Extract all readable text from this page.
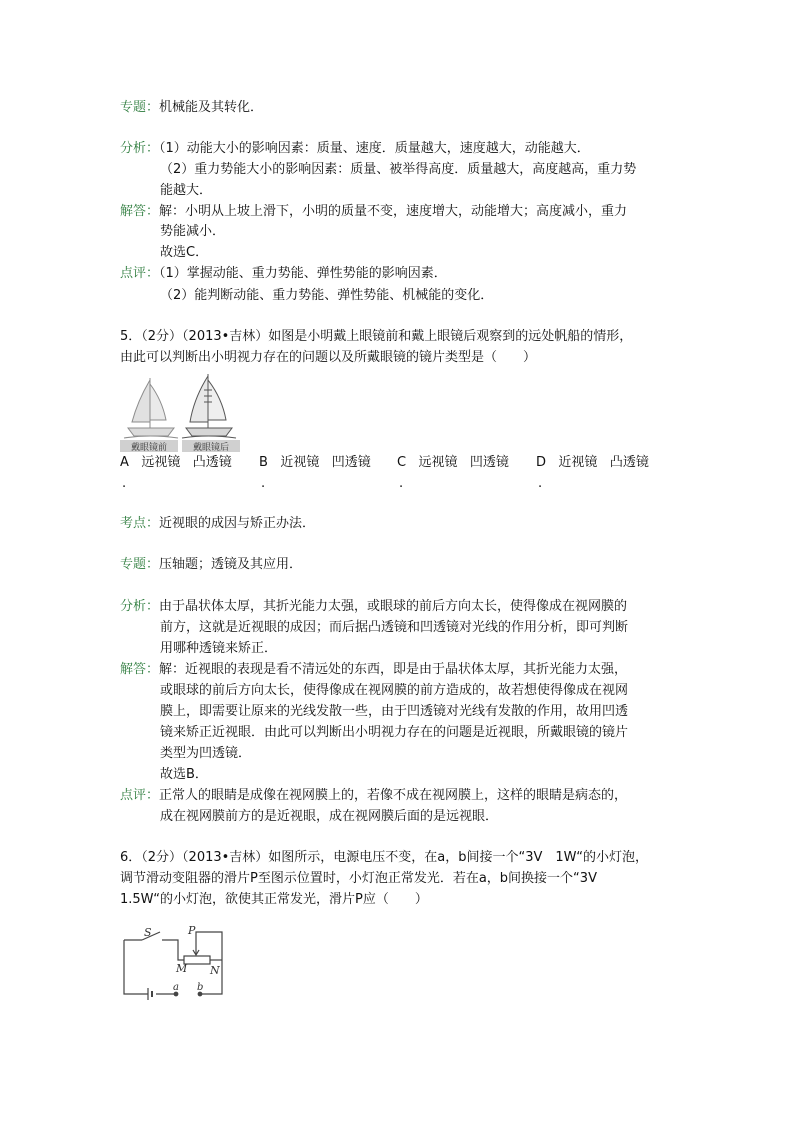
专题：机械能及其转化．
分析：（1）动能大小的影响因素：质量、速度．质量越大，速度越大，动能越大．
（2）重力势能大小的影响因素：质量、被举得高度．质量越大，高度越高，重力势
能越大．
解答：解：小明从上坡上滑下，小明的质量不变，速度增大，动能增大；高度减小，重力
势能减小．
故选C．
点评：（1）掌握动能、重力势能、弹性势能的影响因素．
（2）能判断动能、重力势能、弹性势能、机械能的变化．
5．（2分）（2013•吉林）如图是小明戴上眼镜前和戴上眼镜后观察到的远处帆船的情形，
由此可以判断出小明视力存在的问题以及所戴眼镜的镜片类型是（　　）
戴眼镜前	戴眼镜后
A 远视镜 凸透镜
.
B 近视镜 凹透镜
.
C 远视镜 凹透镜
.
D 近视镜 凸透镜
.
考点：近视眼的成因与矫正办法．
专题：压轴题；透镜及其应用．
分析：由于晶状体太厚，其折光能力太强，或眼球的前后方向太长，使得像成在视网膜的
前方，这就是近视眼的成因；而后据凸透镜和凹透镜对光线的作用分析，即可判断
用哪种透镜来矫正．
解答：解：近视眼的表现是看不清远处的东西，即是由于晶状体太厚，其折光能力太强，
或眼球的前后方向太长，使得像成在视网膜的前方造成的，故若想使得像成在视网
膜上，即需要让原来的光线发散一些，由于凹透镜对光线有发散的作用，故用凹透
镜来矫正近视眼．由此可以判断出小明视力存在的问题是近视眼，所戴眼镜的镜片
类型为凹透镜．
故选B．
点评：正常人的眼睛是成像在视网膜上的，若像不成在视网膜上，这样的眼睛是病态的，
成在视网膜前方的是近视眼，成在视网膜后面的是远视眼．
6．（2分）（2013•吉林）如图所示，电源电压不变，在a，b间接一个“3V　1W“的小灯泡，
调节滑动变阻器的滑片P至图示位置时，小灯泡正常发光．若在a，b间换接一个“3V
1.5W“的小灯泡，欲使其正常发光，滑片P应（　　）
S	P
M N
a b
